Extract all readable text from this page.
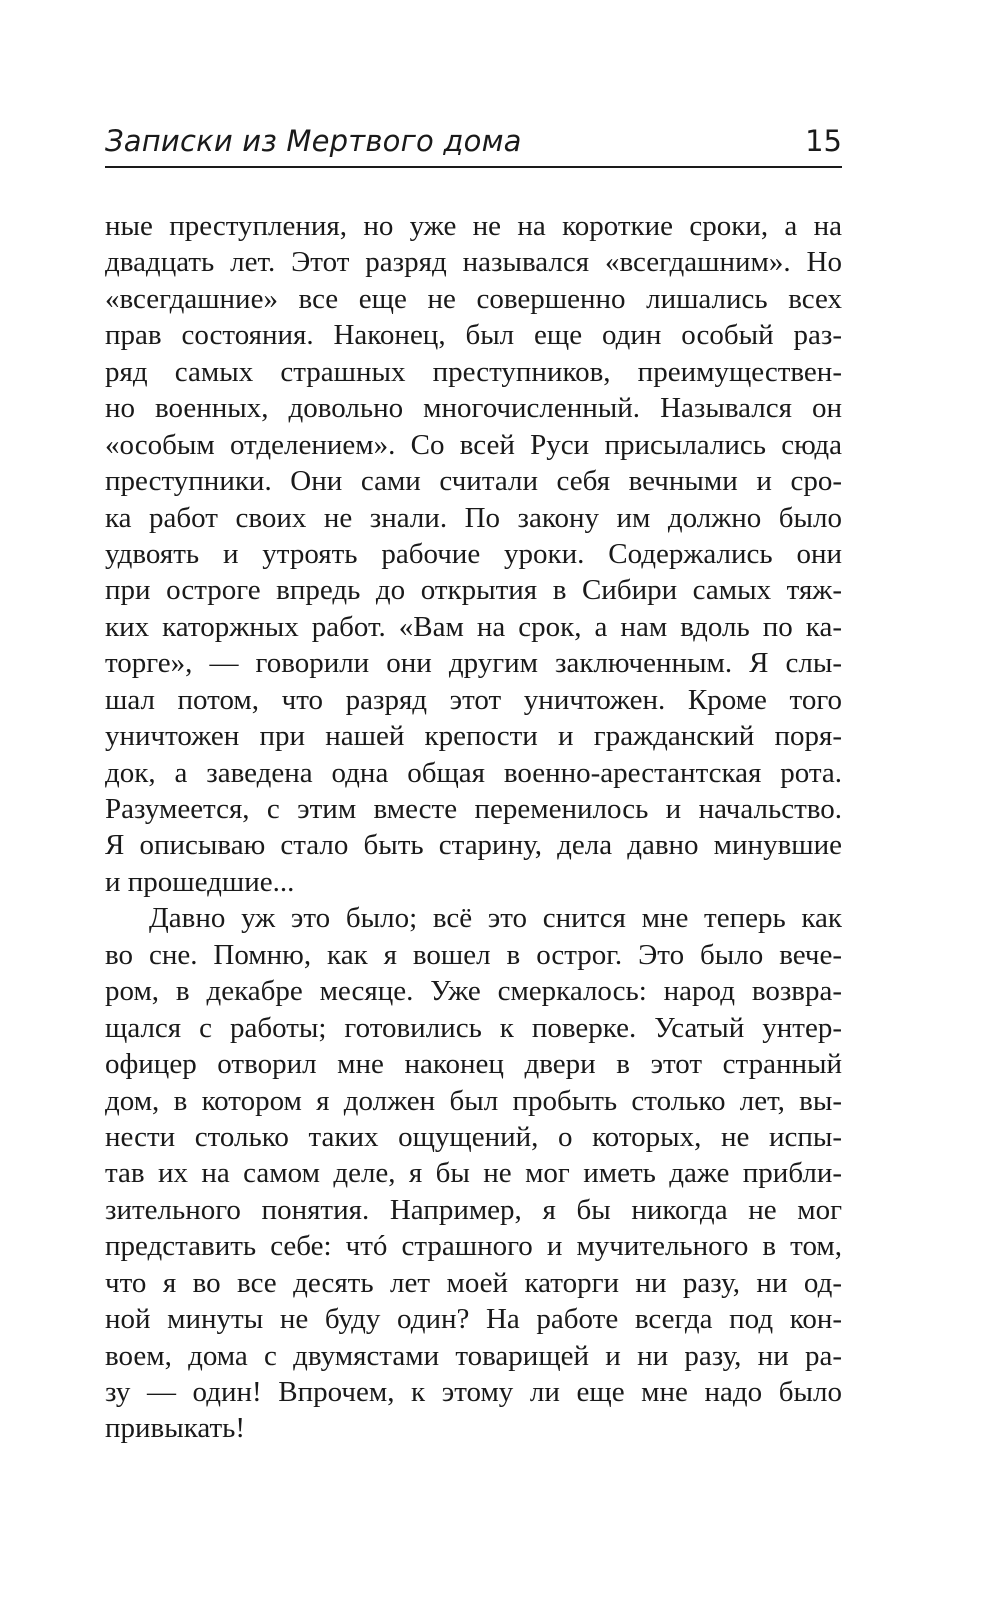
Записки из Мертвого дома	15
ные преступления, но уже не на короткие сроки, а на
двадцать лет. Этот разряд назывался «всегдашним». Но
«всегдашние» все еще не совершенно лишались всех
прав состояния. Наконец, был еще один особый раз-
ряд самых страшных преступников, преимуществен-
но военных, довольно многочисленный. Назывался он
«особым отделением». Со всей Руси присылались сюда
преступники. Они сами считали себя вечными и сро-
ка работ своих не знали. По закону им должно было
удвоять и утроять рабочие уроки. Содержались они
при остроге впредь до открытия в Сибири самых тяж-
ких каторжных работ. «Вам на срок, а нам вдоль по ка-
торге», — говорили они другим заключенным. Я слы-
шал потом, что разряд этот уничтожен. Кроме того
уничтожен при нашей крепости и гражданский поря-
док, а заведена одна общая военно-арестантская рота.
Разумеется, с этим вместе переменилось и начальство.
Я описываю стало быть старину, дела давно минувшие
и прошедшие...
Давно уж это было; всё это снится мне теперь как
во сне. Помню, как я вошел в острог. Это было вече-
ром, в декабре месяце. Уже смеркалось: народ возвра-
щался с работы; готовились к поверке. Усатый унтер-
офицер отворил мне наконец двери в этот странный
дом, в котором я должен был пробыть столько лет, вы-
нести столько таких ощущений, о которых, не испы-
тав их на самом деле, я бы не мог иметь даже прибли-
зительного понятия. Например, я бы никогда не мог
представить себе: чтó страшного и мучительного в том,
что я во все десять лет моей каторги ни разу, ни од-
ной минуты не буду один? На работе всегда под кон-
воем, дома с двумястами товарищей и ни разу, ни ра-
зу — один! Впрочем, к этому ли еще мне надо было
привыкать!
